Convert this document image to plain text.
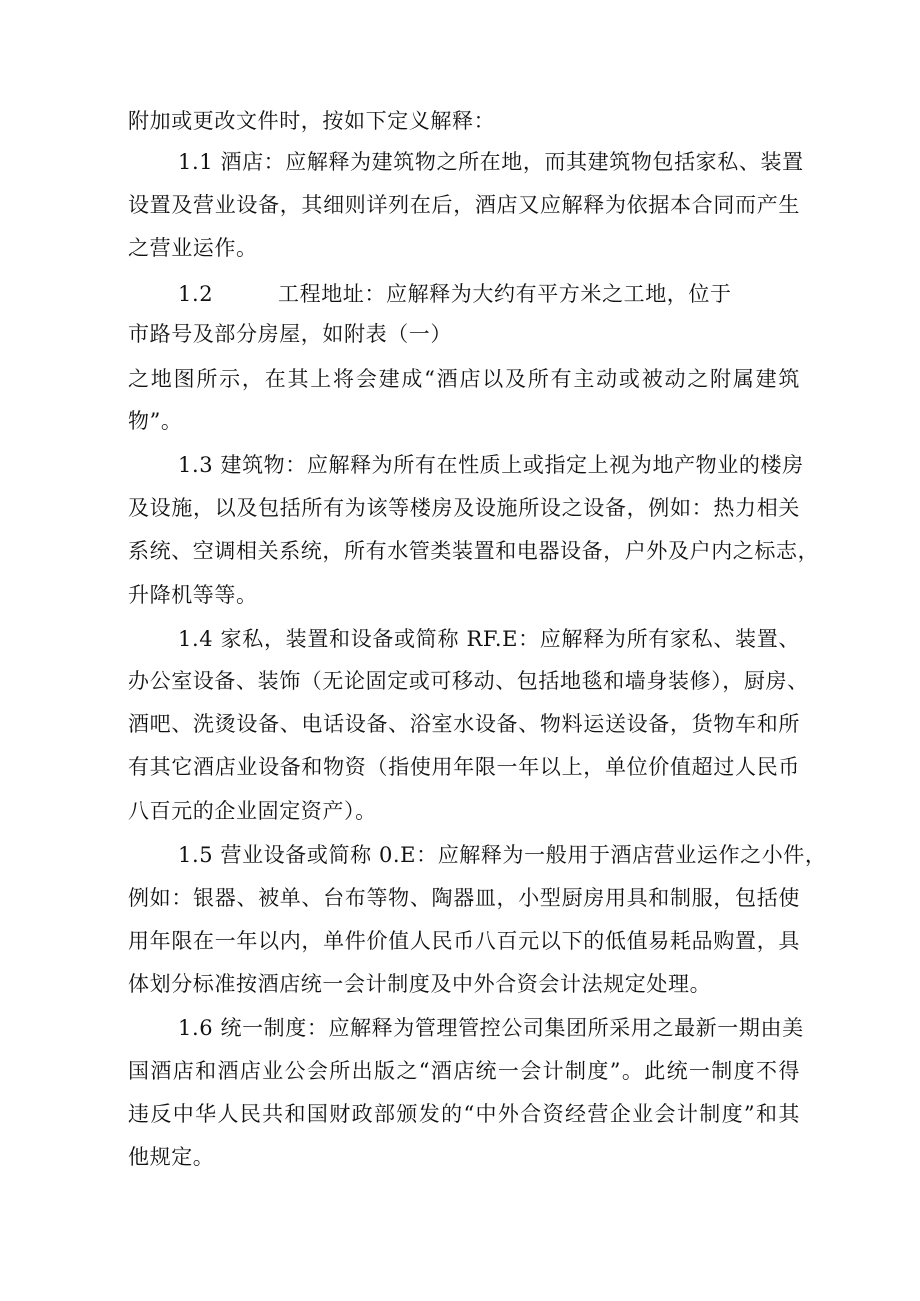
附加或更改文件时，按如下定义解释：
1.1 酒店：应解释为建筑物之所在地，而其建筑物包括家私、装置
设置及营业设备，其细则详列在后，酒店又应解释为依据本合同而产生
之营业运作。
1.2　　　工程地址：应解释为大约有平方米之工地，位于
市路号及部分房屋，如附表（一）
之地图所示，在其上将会建成“酒店以及所有主动或被动之附属建筑
物”。
1.3 建筑物：应解释为所有在性质上或指定上视为地产物业的楼房
及设施，以及包括所有为该等楼房及设施所设之设备，例如：热力相关
系统、空调相关系统，所有水管类装置和电器设备，户外及户内之标志，
升降机等等。
1.4 家私，装置和设备或简称 RF.E：应解释为所有家私、装置、
办公室设备、装饰（无论固定或可移动、包括地毯和墙身装修），厨房、
酒吧、洗烫设备、电话设备、浴室水设备、物料运送设备，货物车和所
有其它酒店业设备和物资（指使用年限一年以上，单位价值超过人民币
八百元的企业固定资产）。
1.5 营业设备或简称 0.E：应解释为一般用于酒店营业运作之小件，
例如：银器、被单、台布等物、陶器皿，小型厨房用具和制服，包括使
用年限在一年以内，单件价值人民币八百元以下的低值易耗品购置，具
体划分标准按酒店统一会计制度及中外合资会计法规定处理。
1.6 统一制度：应解释为管理管控公司集团所采用之最新一期由美
国酒店和酒店业公会所出版之“酒店统一会计制度”。此统一制度不得
违反中华人民共和国财政部颁发的“中外合资经营企业会计制度”和其
他规定。
